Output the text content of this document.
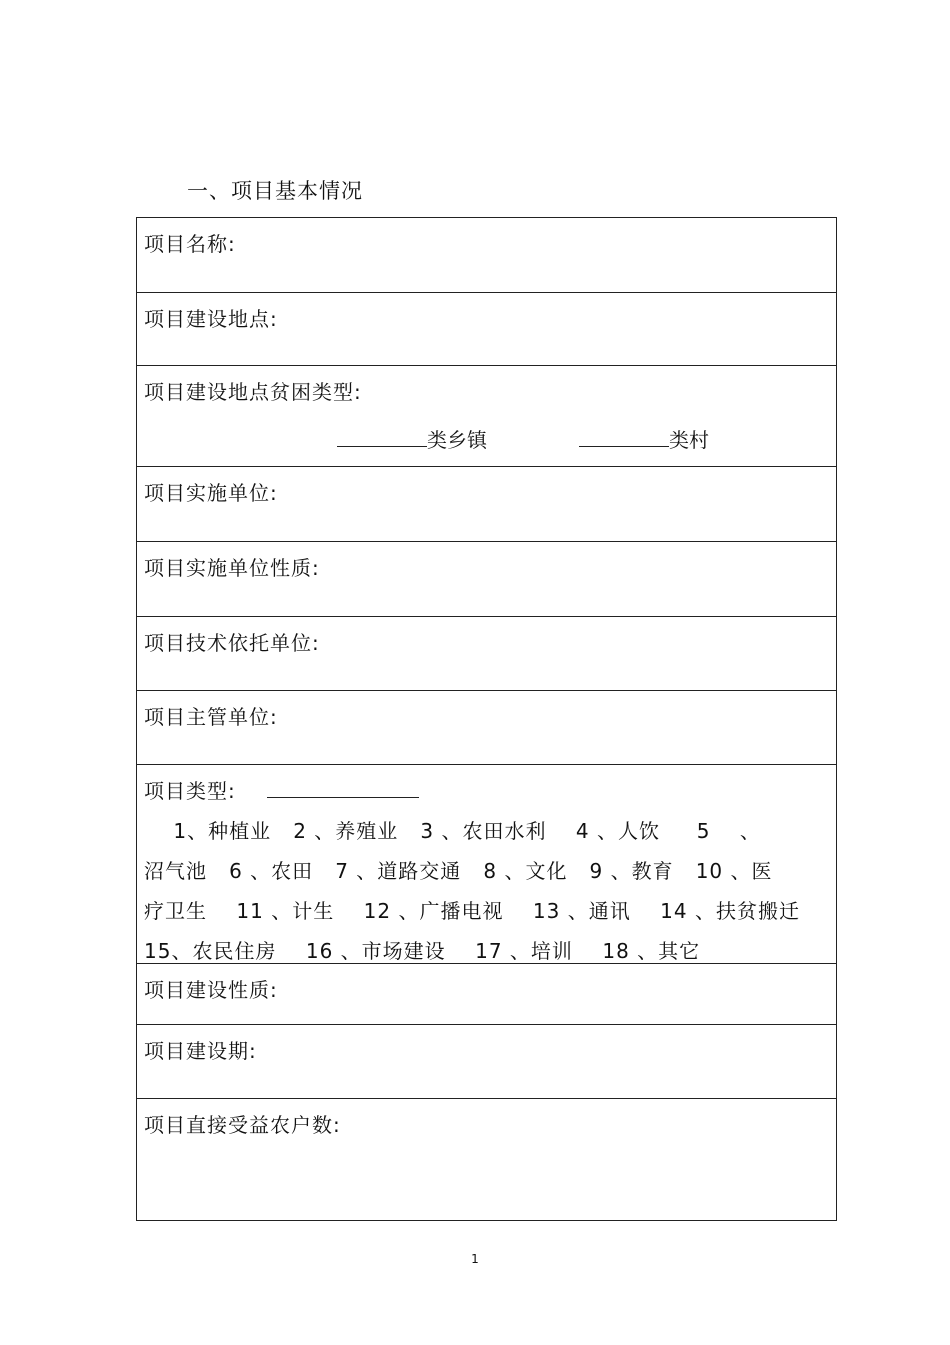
一、项目基本情况
项目名称:
项目建设地点:
项目建设地点贫困类型:
类乡镇	类村
项目实施单位:
项目实施单位性质:
项目技术依托单位:
项目主管单位:
项目类型:
1、种植业   2 、养殖业   3 、农田水利    4 、人饮     5    、
沼气池   6 、农田   7 、道路交通   8 、文化   9 、教育   10 、医
疗卫生    11 、计生    12 、广播电视    13 、通讯    14 、扶贫搬迁
15、农民住房    16 、市场建设    17 、培训    18 、其它
项目建设性质:
项目建设期:
项目直接受益农户数:
1
